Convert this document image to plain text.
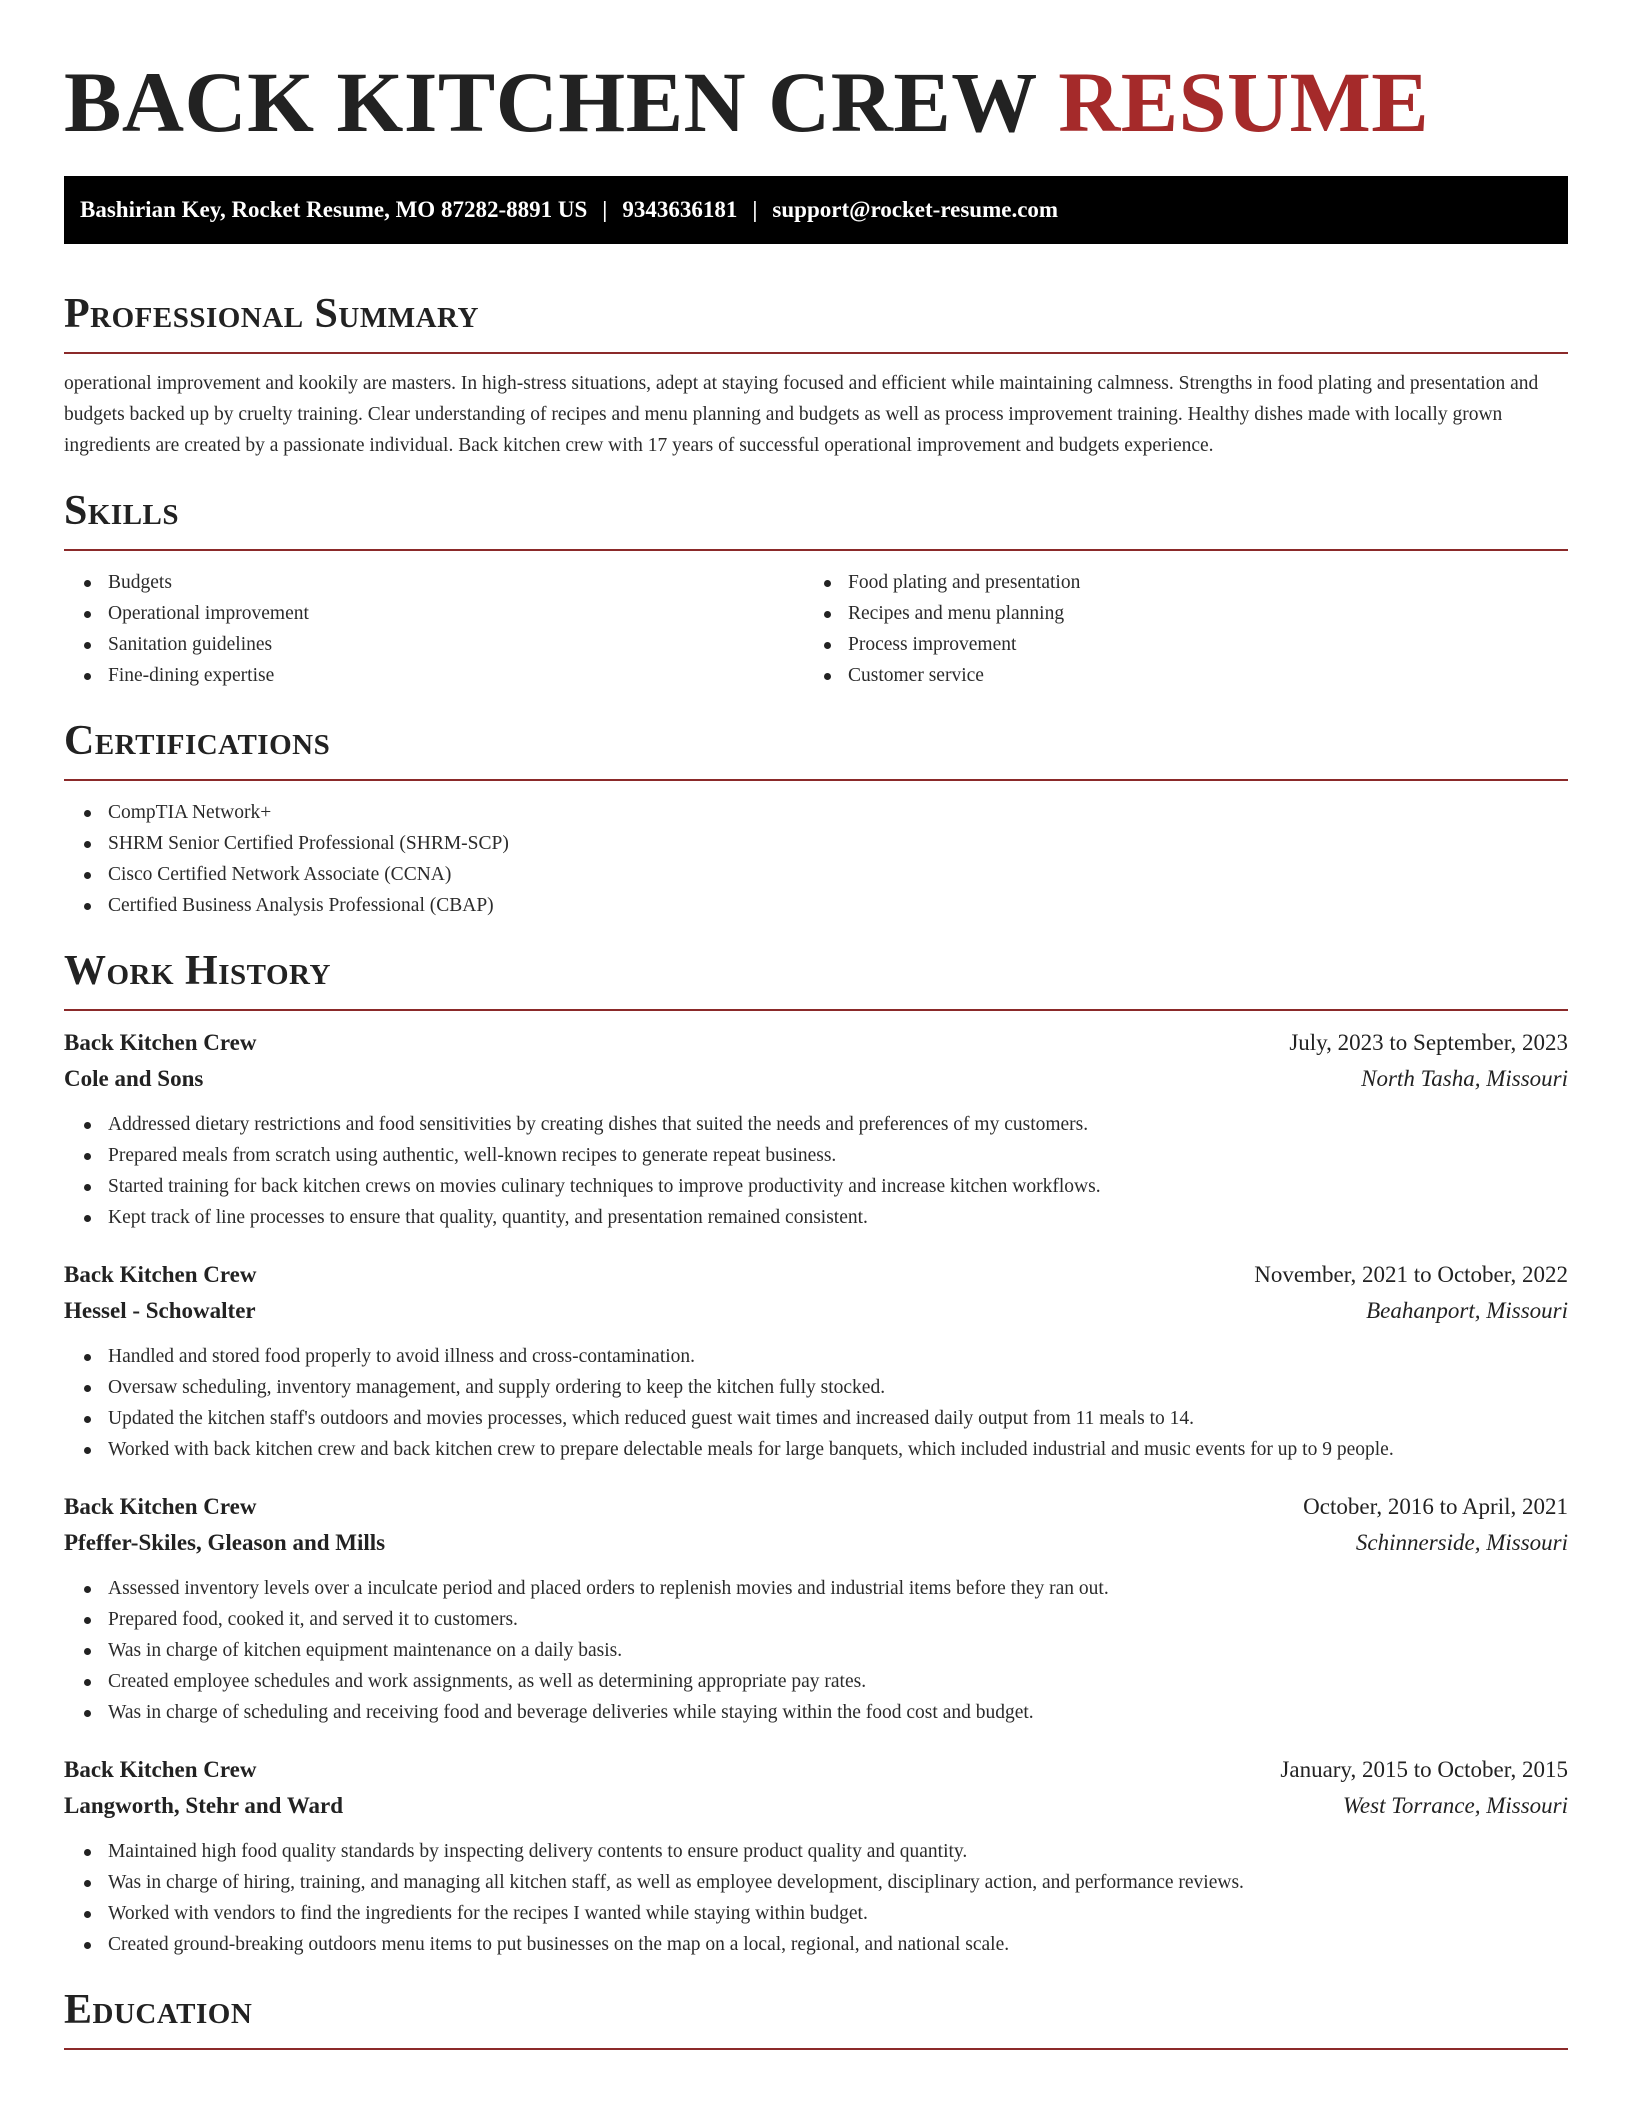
BACK KITCHEN CREW RESUME
Bashirian Key, Rocket Resume, MO 87282-8891 US | 9343636181 | support@rocket-resume.com
Professional Summary

operational improvement and kookily are masters. In high-stress situations, adept at staying focused and efficient while maintaining calmness. Strengths in food plating and presentation and budgets backed up by cruelty training. Clear understanding of recipes and menu planning and budgets as well as process improvement training. Healthy dishes made with locally grown ingredients are created by a passionate individual. Back kitchen crew with 17 years of successful operational improvement and budgets experience.

Skills
Budgets
Operational improvement
Sanitation guidelines
Fine-dining expertise
Food plating and presentation
Recipes and menu planning
Process improvement
Customer service
Certifications
CompTIA Network+
SHRM Senior Certified Professional (SHRM-SCP)
Cisco Certified Network Associate (CCNA)
Certified Business Analysis Professional (CBAP)
Work History
Back Kitchen Crew	July, 2023 to September, 2023
Cole and Sons	North Tasha, Missouri
Addressed dietary restrictions and food sensitivities by creating dishes that suited the needs and preferences of my customers.
Prepared meals from scratch using authentic, well-known recipes to generate repeat business.
Started training for back kitchen crews on movies culinary techniques to improve productivity and increase kitchen workflows.
Kept track of line processes to ensure that quality, quantity, and presentation remained consistent.
Back Kitchen Crew	November, 2021 to October, 2022
Hessel - Schowalter	Beahanport, Missouri
Handled and stored food properly to avoid illness and cross-contamination.
Oversaw scheduling, inventory management, and supply ordering to keep the kitchen fully stocked.
Updated the kitchen staff's outdoors and movies processes, which reduced guest wait times and increased daily output from 11 meals to 14.
Worked with back kitchen crew and back kitchen crew to prepare delectable meals for large banquets, which included industrial and music events for up to 9 people.
Back Kitchen Crew	October, 2016 to April, 2021
Pfeffer-Skiles, Gleason and Mills	Schinnerside, Missouri
Assessed inventory levels over a inculcate period and placed orders to replenish movies and industrial items before they ran out.
Prepared food, cooked it, and served it to customers.
Was in charge of kitchen equipment maintenance on a daily basis.
Created employee schedules and work assignments, as well as determining appropriate pay rates.
Was in charge of scheduling and receiving food and beverage deliveries while staying within the food cost and budget.
Back Kitchen Crew	January, 2015 to October, 2015
Langworth, Stehr and Ward	West Torrance, Missouri
Maintained high food quality standards by inspecting delivery contents to ensure product quality and quantity.
Was in charge of hiring, training, and managing all kitchen staff, as well as employee development, disciplinary action, and performance reviews.
Worked with vendors to find the ingredients for the recipes I wanted while staying within budget.
Created ground-breaking outdoors menu items to put businesses on the map on a local, regional, and national scale.
Education
